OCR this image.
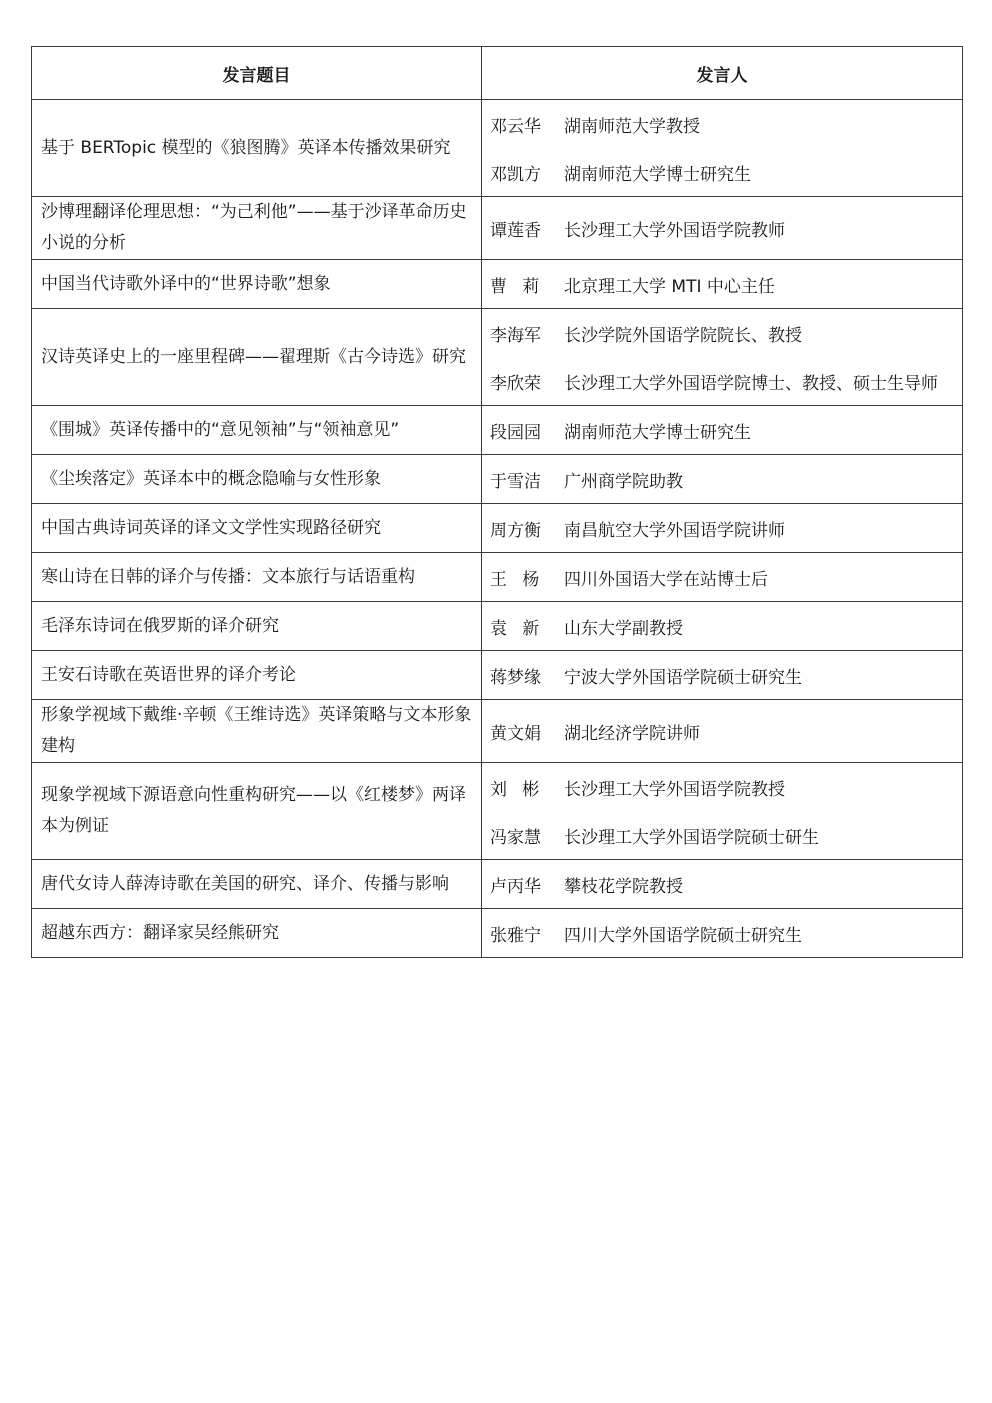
发言题目	发言人
基于 BERTopic 模型的《狼图腾》英译本传播效果研究	邓云华 湖南师范大学教授
邓凯方 湖南师范大学博士研究生

沙博理翻译伦理思想：“为己利他”——基于沙译革命历史小说的分析	谭莲香 长沙理工大学外国语学院教师

中国当代诗歌外译中的“世界诗歌”想象	曹莉 北京理工大学 MTI 中心主任

汉诗英译史上的一座里程碑——翟理斯《古今诗选》研究	李海军 长沙学院外国语学院院长、教授
李欣荣 长沙理工大学外国语学院博士、教授、硕士生导师

《围城》英译传播中的“意见领袖”与“领袖意见”	段园园 湖南师范大学博士研究生

《尘埃落定》英译本中的概念隐喻与女性形象	于雪洁 广州商学院助教

中国古典诗词英译的译文文学性实现路径研究	周方衡 南昌航空大学外国语学院讲师

寒山诗在日韩的译介与传播：文本旅行与话语重构	王杨 四川外国语大学在站博士后

毛泽东诗词在俄罗斯的译介研究	袁新 山东大学副教授

王安石诗歌在英语世界的译介考论	蒋梦缘 宁波大学外国语学院硕士研究生

形象学视域下戴维·辛顿《王维诗选》英译策略与文本形象建构	黄文娟 湖北经济学院讲师

现象学视域下源语意向性重构研究——以《红楼梦》两译本为例证	刘彬 长沙理工大学外国语学院教授
冯家慧 长沙理工大学外国语学院硕士研生

唐代女诗人薛涛诗歌在美国的研究、译介、传播与影响	卢丙华 攀枝花学院教授

超越东西方：翻译家吴经熊研究	张雅宁 四川大学外国语学院硕士研究生
